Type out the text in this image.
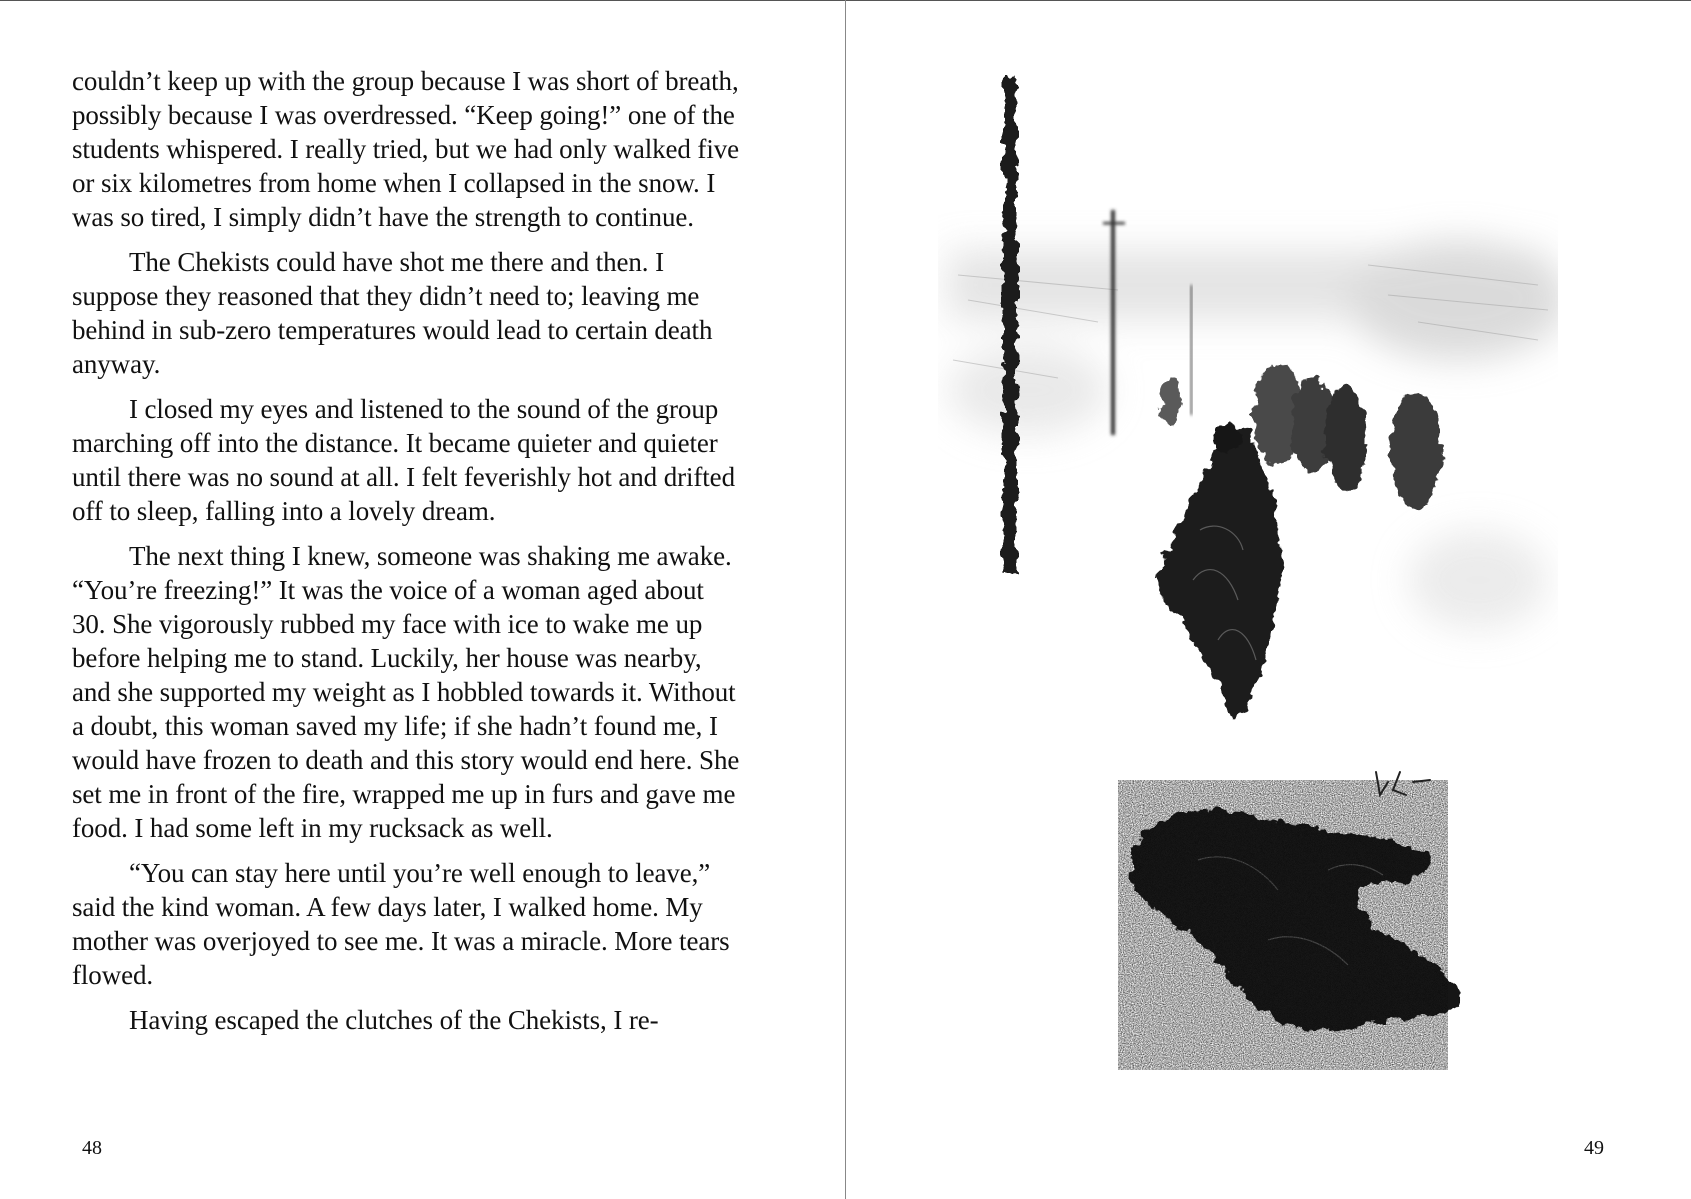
couldn’t keep up with the group because I was short of breath, possibly because I was overdressed. “Keep going!” one of the students whispered. I really tried, but we had only walked five or six kilometres from home when I collapsed in the snow. I was so tired, I simply didn’t have the strength to continue.

The Chekists could have shot me there and then. I suppose they reasoned that they didn’t need to; leaving me behind in sub-zero temperatures would lead to certain death anyway.

I closed my eyes and listened to the sound of the group marching off into the distance. It became quieter and quieter until there was no sound at all. I felt feverishly hot and drifted off to sleep, falling into a lovely dream.

The next thing I knew, someone was shaking me awake. “You’re freezing!” It was the voice of a woman aged about 30. She vigorously rubbed my face with ice to wake me up before helping me to stand. Luckily, her house was nearby, and she supported my weight as I hobbled towards it. Without a doubt, this woman saved my life; if she hadn’t found me, I would have frozen to death and this story would end here. She set me in front of the fire, wrapped me up in furs and gave me food. I had some left in my rucksack as well.

“You can stay here until you’re well enough to leave,” said the kind woman. A few days later, I walked home. My mother was overjoyed to see me. It was a miracle. More tears flowed.

Having escaped the clutches of the Chekists, I re-

48	49
